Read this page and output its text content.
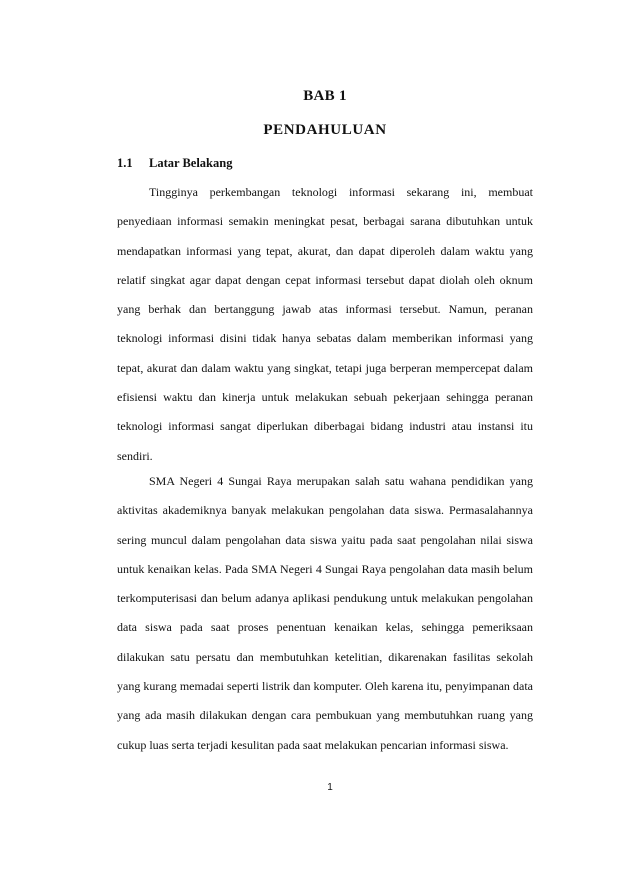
BAB 1
PENDAHULUAN
1.1 Latar Belakang

Tingginya perkembangan teknologi informasi sekarang ini, membuat penyediaan informasi semakin meningkat pesat, berbagai sarana dibutuhkan untuk mendapatkan informasi yang tepat, akurat, dan dapat diperoleh dalam waktu yang relatif singkat agar dapat dengan cepat informasi tersebut dapat diolah oleh oknum yang berhak dan bertanggung jawab atas informasi tersebut. Namun, peranan teknologi informasi disini tidak hanya sebatas dalam memberikan informasi yang tepat, akurat dan dalam waktu yang singkat, tetapi juga berperan mempercepat dalam efisiensi waktu dan kinerja untuk melakukan sebuah pekerjaan sehingga peranan teknologi informasi sangat diperlukan diberbagai bidang industri atau instansi itu sendiri.

SMA Negeri 4 Sungai Raya merupakan salah satu wahana pendidikan yang aktivitas akademiknya banyak melakukan pengolahan data siswa. Permasalahannya sering muncul dalam pengolahan data siswa yaitu pada saat pengolahan nilai siswa untuk kenaikan kelas. Pada SMA Negeri 4 Sungai Raya pengolahan data masih belum terkomputerisasi dan belum adanya aplikasi pendukung untuk melakukan pengolahan data siswa pada saat proses penentuan kenaikan kelas, sehingga pemeriksaan dilakukan satu persatu dan membutuhkan ketelitian, dikarenakan fasilitas sekolah yang kurang memadai seperti listrik dan komputer. Oleh karena itu, penyimpanan data yang ada masih dilakukan dengan cara pembukuan yang membutuhkan ruang yang cukup luas serta terjadi kesulitan pada saat melakukan pencarian informasi siswa.

1
